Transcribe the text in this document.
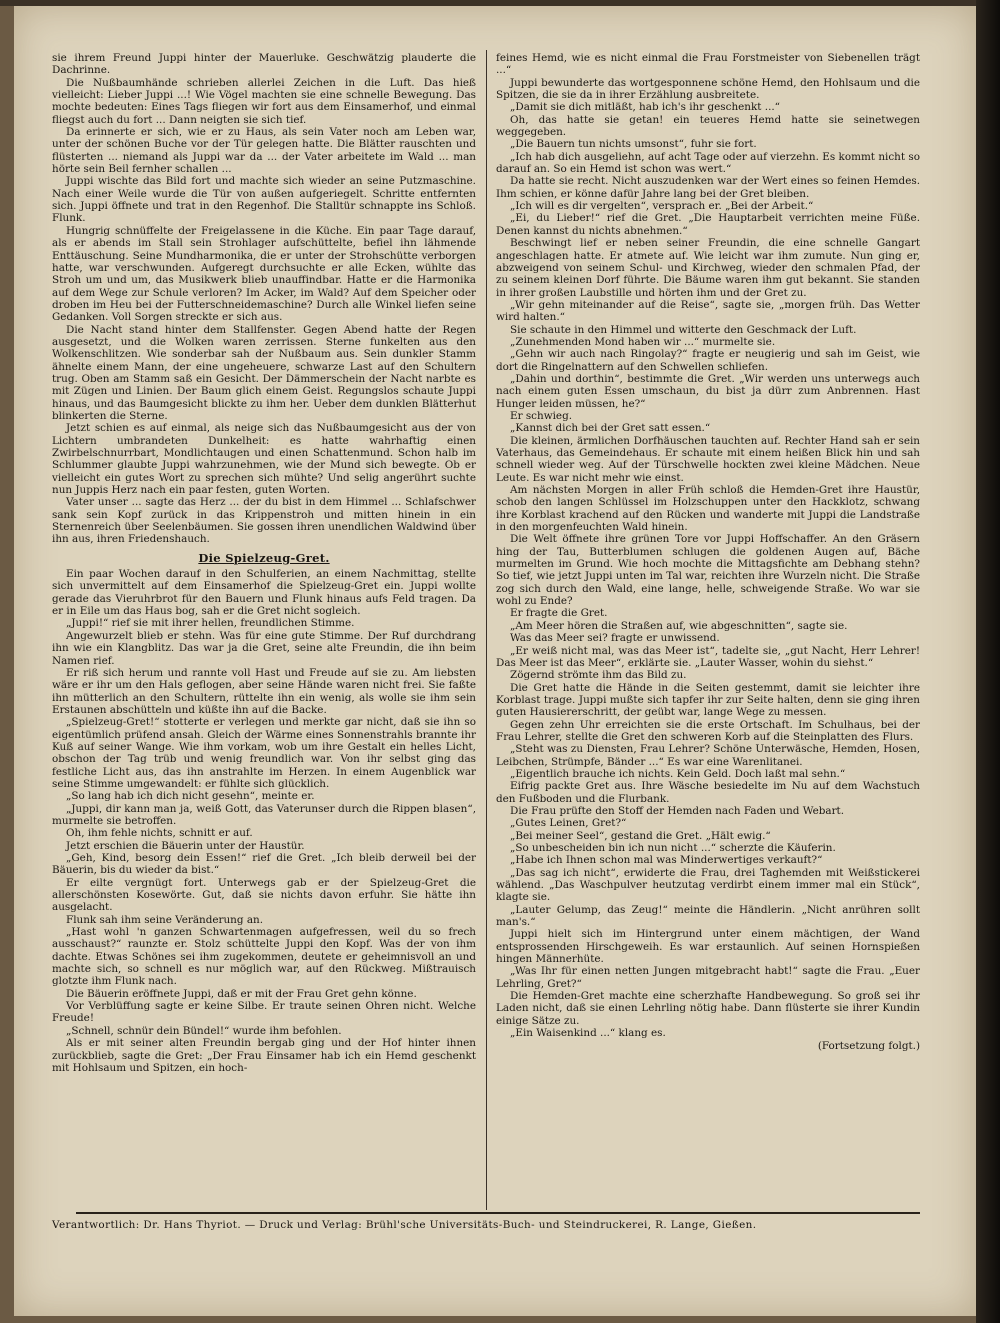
sie ihrem Freund Juppi hinter der Mauerluke. Geschwätzig plauderte die Dachrinne.

Die Nußbaumhände schrieben allerlei Zeichen in die Luft. Das hieß vielleicht: Lieber Juppi ...! Wie Vögel machten sie eine schnelle Bewegung. Das mochte bedeuten: Eines Tags fliegen wir fort aus dem Einsamerhof, und einmal fliegst auch du fort ... Dann neigten sie sich tief.

Da erinnerte er sich, wie er zu Haus, als sein Vater noch am Leben war, unter der schönen Buche vor der Tür gelegen hatte. Die Blätter rauschten und flüsterten ... niemand als Juppi war da ... der Vater arbeitete im Wald ... man hörte sein Beil fernher schallen ...

Juppi wischte das Bild fort und machte sich wieder an seine Putzmaschine. Nach einer Weile wurde die Tür von außen aufgeriegelt. Schritte entfernten sich. Juppi öffnete und trat in den Regenhof. Die Stalltür schnappte ins Schloß. Flunk.

Hungrig schnüffelte der Freigelassene in die Küche. Ein paar Tage darauf, als er abends im Stall sein Strohlager aufschüttelte, befiel ihn lähmende Enttäuschung. Seine Mundharmonika, die er unter der Strohschütte verborgen hatte, war verschwunden. Aufgeregt durchsuchte er alle Ecken, wühlte das Stroh um und um, das Musikwerk blieb unauffindbar. Hatte er die Harmonika auf dem Wege zur Schule verloren? Im Acker, im Wald? Auf dem Speicher oder droben im Heu bei der Futterschneidemaschine? Durch alle Winkel liefen seine Gedanken. Voll Sorgen streckte er sich aus.

Die Nacht stand hinter dem Stallfenster. Gegen Abend hatte der Regen ausgesetzt, und die Wolken waren zerrissen. Sterne funkelten aus den Wolkenschlitzen. Wie sonderbar sah der Nußbaum aus. Sein dunkler Stamm ähnelte einem Mann, der eine ungeheuere, schwarze Last auf den Schultern trug. Oben am Stamm saß ein Gesicht. Der Dämmerschein der Nacht narbte es mit Zügen und Linien. Der Baum glich einem Geist. Regungslos schaute Juppi hinaus, und das Baumgesicht blickte zu ihm her. Ueber dem dunklen Blätterhut blinkerten die Sterne.

Jetzt schien es auf einmal, als neige sich das Nußbaumgesicht aus der von Lichtern umbrandeten Dunkelheit: es hatte wahrhaftig einen Zwirbelschnurrbart, Mondlichtaugen und einen Schattenmund. Schon halb im Schlummer glaubte Juppi wahrzunehmen, wie der Mund sich bewegte. Ob er vielleicht ein gutes Wort zu sprechen sich mühte? Und selig angerührt suchte nun Juppis Herz nach ein paar festen, guten Worten.

Vater unser ... sagte das Herz ... der du bist in dem Himmel ... Schlafschwer sank sein Kopf zurück in das Krippenstroh und mitten hinein in ein Sternenreich über Seelenbäumen. Sie gossen ihren unendlichen Waldwind über ihn aus, ihren Friedenshauch.

Die Spielzeug-Gret.

Ein paar Wochen darauf in den Schulferien, an einem Nachmittag, stellte sich unvermittelt auf dem Einsamerhof die Spielzeug-Gret ein. Juppi wollte gerade das Vieruhrbrot für den Bauern und Flunk hinaus aufs Feld tragen. Da er in Eile um das Haus bog, sah er die Gret nicht sogleich.

„Juppi!“ rief sie mit ihrer hellen, freundlichen Stimme.

Angewurzelt blieb er stehn. Was für eine gute Stimme. Der Ruf durchdrang ihn wie ein Klangblitz. Das war ja die Gret, seine alte Freundin, die ihn beim Namen rief.

Er riß sich herum und rannte voll Hast und Freude auf sie zu. Am liebsten wäre er ihr um den Hals geflogen, aber seine Hände waren nicht frei. Sie faßte ihn mütterlich an den Schultern, rüttelte ihn ein wenig, als wolle sie ihm sein Erstaunen abschütteln und küßte ihn auf die Backe.

„Spielzeug-Gret!“ stotterte er verlegen und merkte gar nicht, daß sie ihn so eigentümlich prüfend ansah. Gleich der Wärme eines Sonnenstrahls brannte ihr Kuß auf seiner Wange. Wie ihm vorkam, wob um ihre Gestalt ein helles Licht, obschon der Tag trüb und wenig freundlich war. Von ihr selbst ging das festliche Licht aus, das ihn anstrahlte im Herzen. In einem Augenblick war seine Stimme umgewandelt: er fühlte sich glücklich.

„So lang hab ich dich nicht gesehn“, meinte er.

„Juppi, dir kann man ja, weiß Gott, das Vaterunser durch die Rippen blasen“, murmelte sie betroffen.

Oh, ihm fehle nichts, schnitt er auf.

Jetzt erschien die Bäuerin unter der Haustür.

„Geh, Kind, besorg dein Essen!“ rief die Gret. „Ich bleib derweil bei der Bäuerin, bis du wieder da bist.“

Er eilte vergnügt fort. Unterwegs gab er der Spielzeug-Gret die allerschönsten Kosewörte. Gut, daß sie nichts davon erfuhr. Sie hätte ihn ausgelacht.

Flunk sah ihm seine Veränderung an.

„Hast wohl 'n ganzen Schwartenmagen aufgefressen, weil du so frech ausschaust?“ raunzte er. Stolz schüttelte Juppi den Kopf. Was der von ihm dachte. Etwas Schönes sei ihm zugekommen, deutete er geheimnisvoll an und machte sich, so schnell es nur möglich war, auf den Rückweg. Mißtrauisch glotzte ihm Flunk nach.

Die Bäuerin eröffnete Juppi, daß er mit der Frau Gret gehn könne.

Vor Verblüffung sagte er keine Silbe. Er traute seinen Ohren nicht. Welche Freude!

„Schnell, schnür dein Bündel!“ wurde ihm befohlen.

Als er mit seiner alten Freundin bergab ging und der Hof hinter ihnen zurückblieb, sagte die Gret: „Der Frau Einsamer hab ich ein Hemd geschenkt mit Hohlsaum und Spitzen, ein hoch-

feines Hemd, wie es nicht einmal die Frau Forstmeister von Siebenellen trägt ...“

Juppi bewunderte das wortgesponnene schöne Hemd, den Hohlsaum und die Spitzen, die sie da in ihrer Erzählung ausbreitete.

„Damit sie dich mitläßt, hab ich's ihr geschenkt ...“

Oh, das hatte sie getan! ein teueres Hemd hatte sie seinetwegen weggegeben.

„Die Bauern tun nichts umsonst“, fuhr sie fort.

„Ich hab dich ausgeliehn, auf acht Tage oder auf vierzehn. Es kommt nicht so darauf an. So ein Hemd ist schon was wert.“

Da hatte sie recht. Nicht auszudenken war der Wert eines so feinen Hemdes. Ihm schien, er könne dafür Jahre lang bei der Gret bleiben.

„Ich will es dir vergelten“, versprach er. „Bei der Arbeit.“

„Ei, du Lieber!“ rief die Gret. „Die Hauptarbeit verrichten meine Füße. Denen kannst du nichts abnehmen.“

Beschwingt lief er neben seiner Freundin, die eine schnelle Gangart angeschlagen hatte. Er atmete auf. Wie leicht war ihm zumute. Nun ging er, abzweigend von seinem Schul- und Kirchweg, wieder den schmalen Pfad, der zu seinem kleinen Dorf führte. Die Bäume waren ihm gut bekannt. Sie standen in ihrer großen Laubstille und hörten ihm und der Gret zu.

„Wir gehn miteinander auf die Reise“, sagte sie, „morgen früh. Das Wetter wird halten.“

Sie schaute in den Himmel und witterte den Geschmack der Luft.

„Zunehmenden Mond haben wir ...“ murmelte sie.

„Gehn wir auch nach Ringolay?“ fragte er neugierig und sah im Geist, wie dort die Ringelnattern auf den Schwellen schliefen.

„Dahin und dorthin“, bestimmte die Gret. „Wir werden uns unterwegs auch nach einem guten Essen umschaun, du bist ja dürr zum Anbrennen. Hast Hunger leiden müssen, he?“

Er schwieg.

„Kannst dich bei der Gret satt essen.“

Die kleinen, ärmlichen Dorfhäuschen tauchten auf. Rechter Hand sah er sein Vaterhaus, das Gemeindehaus. Er schaute mit einem heißen Blick hin und sah schnell wieder weg. Auf der Türschwelle hockten zwei kleine Mädchen. Neue Leute. Es war nicht mehr wie einst.

Am nächsten Morgen in aller Früh schloß die Hemden-Gret ihre Haustür, schob den langen Schlüssel im Holzschuppen unter den Hackklotz, schwang ihre Korblast krachend auf den Rücken und wanderte mit Juppi die Landstraße in den morgenfeuchten Wald hinein.

Die Welt öffnete ihre grünen Tore vor Juppi Hoffschaffer. An den Gräsern hing der Tau, Butterblumen schlugen die goldenen Augen auf, Bäche murmelten im Grund. Wie hoch mochte die Mittagsfichte am Debhang stehn? So tief, wie jetzt Juppi unten im Tal war, reichten ihre Wurzeln nicht. Die Straße zog sich durch den Wald, eine lange, helle, schweigende Straße. Wo war sie wohl zu Ende?

Er fragte die Gret.

„Am Meer hören die Straßen auf, wie abgeschnitten“, sagte sie.

Was das Meer sei? fragte er unwissend.

„Er weiß nicht mal, was das Meer ist“, tadelte sie, „gut Nacht, Herr Lehrer! Das Meer ist das Meer“, erklärte sie. „Lauter Wasser, wohin du siehst.“

Zögernd strömte ihm das Bild zu.

Die Gret hatte die Hände in die Seiten gestemmt, damit sie leichter ihre Korblast trage. Juppi mußte sich tapfer ihr zur Seite halten, denn sie ging ihren guten Hausiererschritt, der geübt war, lange Wege zu messen.

Gegen zehn Uhr erreichten sie die erste Ortschaft. Im Schulhaus, bei der Frau Lehrer, stellte die Gret den schweren Korb auf die Steinplatten des Flurs.

„Steht was zu Diensten, Frau Lehrer? Schöne Unterwäsche, Hemden, Hosen, Leibchen, Strümpfe, Bänder ...“ Es war eine Warenlitanei.

„Eigentlich brauche ich nichts. Kein Geld. Doch laßt mal sehn.“

Eifrig packte Gret aus. Ihre Wäsche besiedelte im Nu auf dem Wachstuch den Fußboden und die Flurbank.

Die Frau prüfte den Stoff der Hemden nach Faden und Webart.

„Gutes Leinen, Gret?“

„Bei meiner Seel“, gestand die Gret. „Hält ewig.“

„So unbescheiden bin ich nun nicht ...“ scherzte die Käuferin.

„Habe ich Ihnen schon mal was Minderwertiges verkauft?“

„Das sag ich nicht“, erwiderte die Frau, drei Taghemden mit Weißstickerei wählend. „Das Waschpulver heutzutag verdirbt einem immer mal ein Stück“, klagte sie.

„Lauter Gelump, das Zeug!“ meinte die Händlerin. „Nicht anrühren sollt man's.“

Juppi hielt sich im Hintergrund unter einem mächtigen, der Wand entsprossenden Hirschgeweih. Es war erstaunlich. Auf seinen Hornspießen hingen Männerhüte.

„Was Ihr für einen netten Jungen mitgebracht habt!“ sagte die Frau. „Euer Lehrling, Gret?“

Die Hemden-Gret machte eine scherzhafte Handbewegung. So groß sei ihr Laden nicht, daß sie einen Lehrling nötig habe. Dann flüsterte sie ihrer Kundin einige Sätze zu.

„Ein Waisenkind ...“ klang es.

(Fortsetzung folgt.)

Verantwortlich: Dr. Hans Thyriot. — Druck und Verlag: Brühl'sche Universitäts-Buch- und Steindruckerei, R. Lange, Gießen.
